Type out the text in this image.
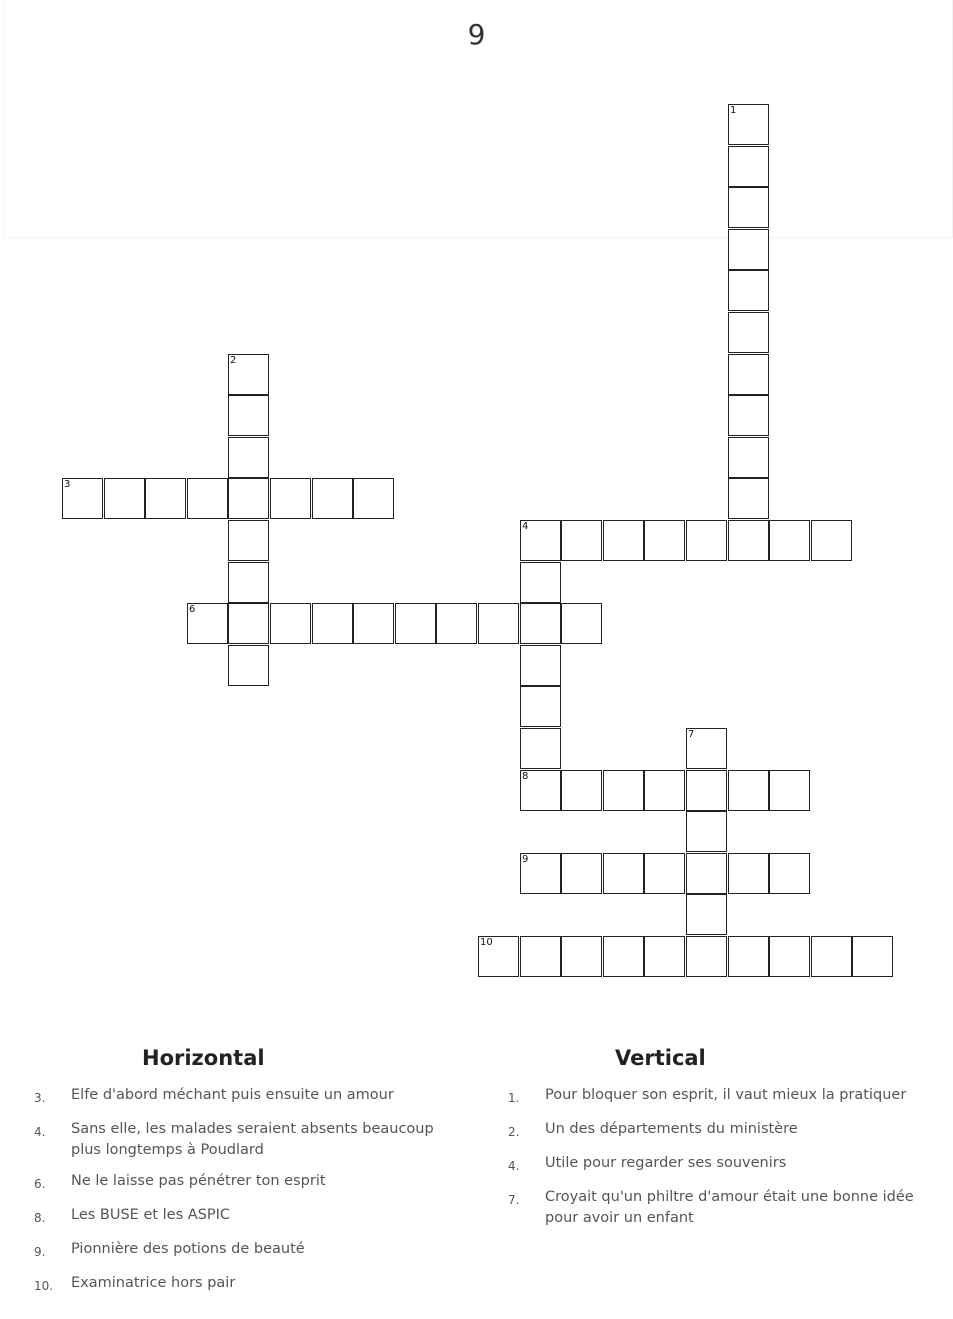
9
1
2
3
4
6
7
8
9
10
Horizontal
3.	Elfe d'abord méchant puis ensuite un amour
4.	Sans elle, les malades seraient absents beaucoup plus longtemps à Poudlard
6.	Ne le laisse pas pénétrer ton esprit
8.	Les BUSE et les ASPIC
9.	Pionnière des potions de beauté
10.	Examinatrice hors pair
Vertical
1.	Pour bloquer son esprit, il vaut mieux la pratiquer
2.	Un des départements du ministère
4.	Utile pour regarder ses souvenirs
7.	Croyait qu'un philtre d'amour était une bonne idée pour avoir un enfant
